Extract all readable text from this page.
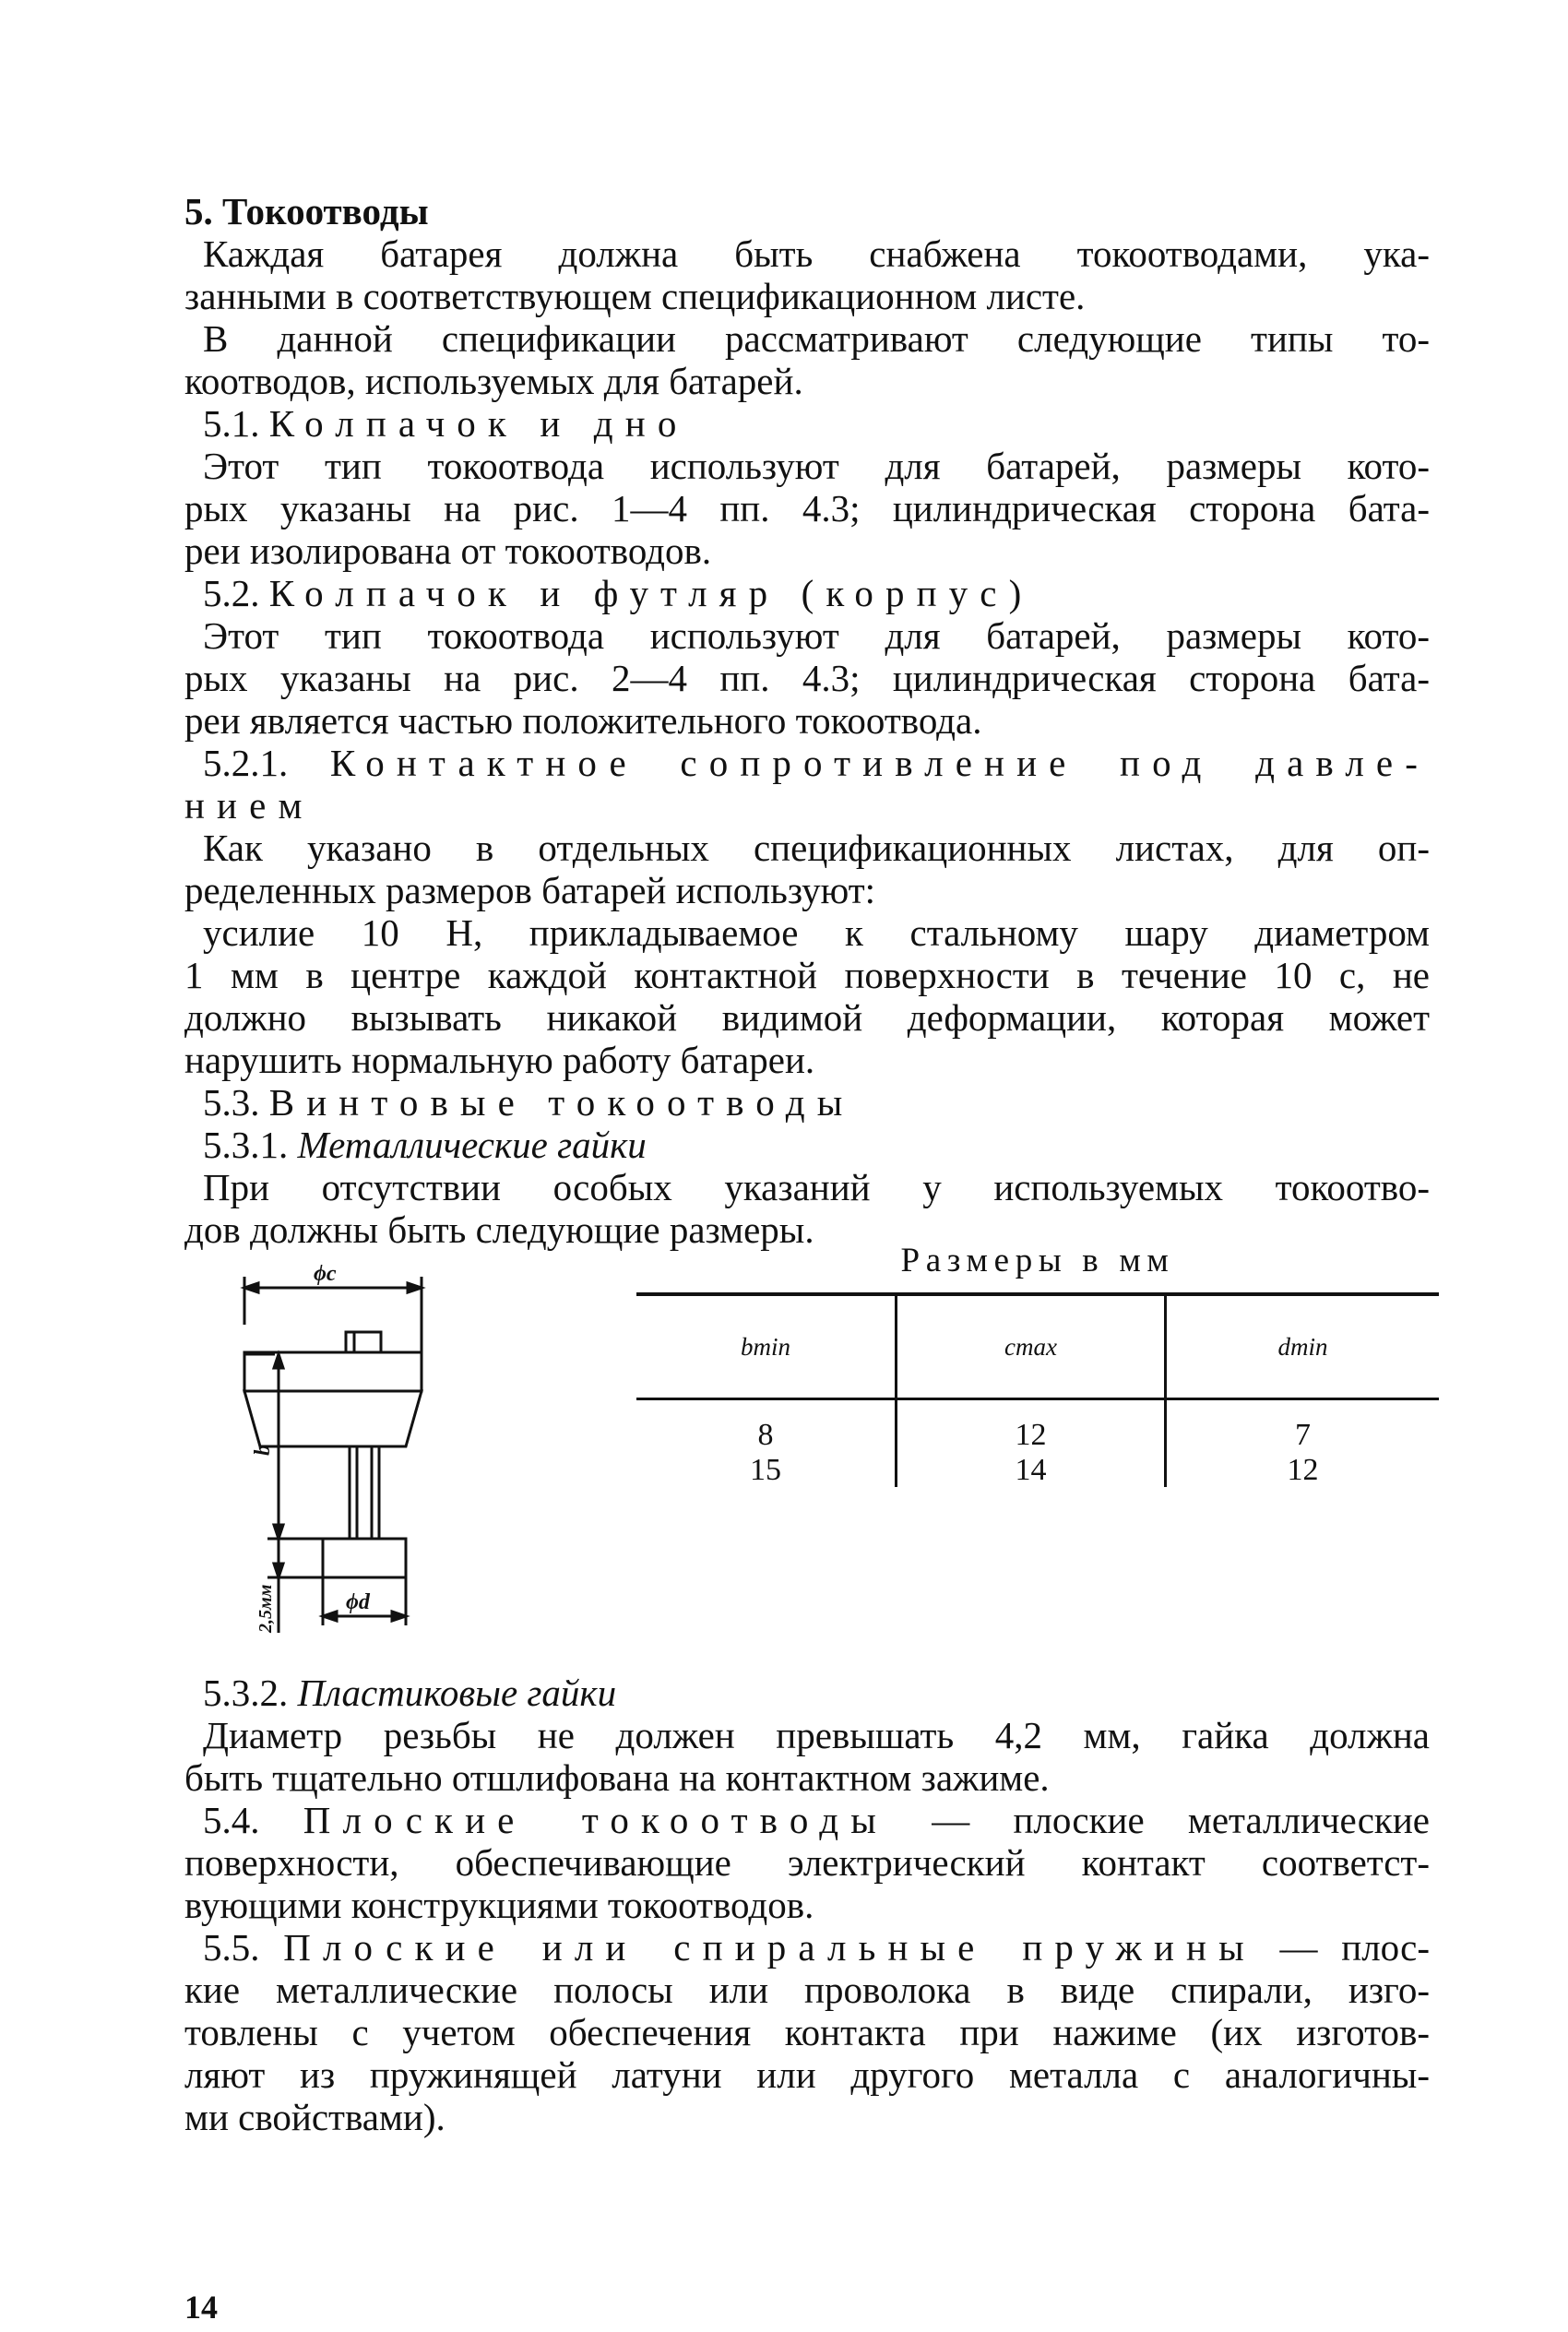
5. Токоотводы
Каждая батарея должна быть снабжена токоотводами, ука-
занными в соответствующем спецификационном листе.
В данной спецификации рассматривают следующие типы то-
коотводов, используемых для батарей.
5.1. Колпачок и дно
Этот тип токоотвода используют для батарей, размеры кото-
рых указаны на рис. 1—4 пп. 4.3; цилиндрическая сторона бата-
реи изолирована от токоотводов.
5.2. Колпачок и футляр (корпус)
Этот тип токоотвода используют для батарей, размеры кото-
рых указаны на рис. 2—4 пп. 4.3; цилиндрическая сторона бата-
реи является частью положительного токоотвода.
5.2.1. Контактное сопротивление под давле-
нием
Как указано в отдельных спецификационных листах, для оп-
ределенных размеров батарей используют:
усилие 10 Н, прикладываемое к стальному шару диаметром
1 мм в центре каждой контактной поверхности в течение 10 с, не
должно вызывать никакой видимой деформации, которая может
нарушить нормальную работу батареи.
5.3. Винтовые токоотводы
5.3.1. Металлические гайки
При отсутствии особых указаний у используемых токоотво-
дов должны быть следующие размеры.
5.3.2. Пластиковые гайки
Диаметр резьбы не должен превышать 4,2 мм, гайка должна
быть тщательно отшлифована на контактном зажиме.
5.4. Плоские токоотводы — плоские металлические
поверхности, обеспечивающие электрический контакт соответст-
вующими конструкциями токоотводов.
5.5. Плоские или спиральные пружины — плос-
кие металлические полосы или проволока в виде спирали, изго-
товлены с учетом обеспечения контакта при нажиме (их изготов-
ляют из пружинящей латуни или другого металла с аналогичны-
ми свойствами).
ϕc
ϕd
b
2,5мм
Размеры в мм
bmin	cmax	dmin
8	12	7
15	14	12
14
